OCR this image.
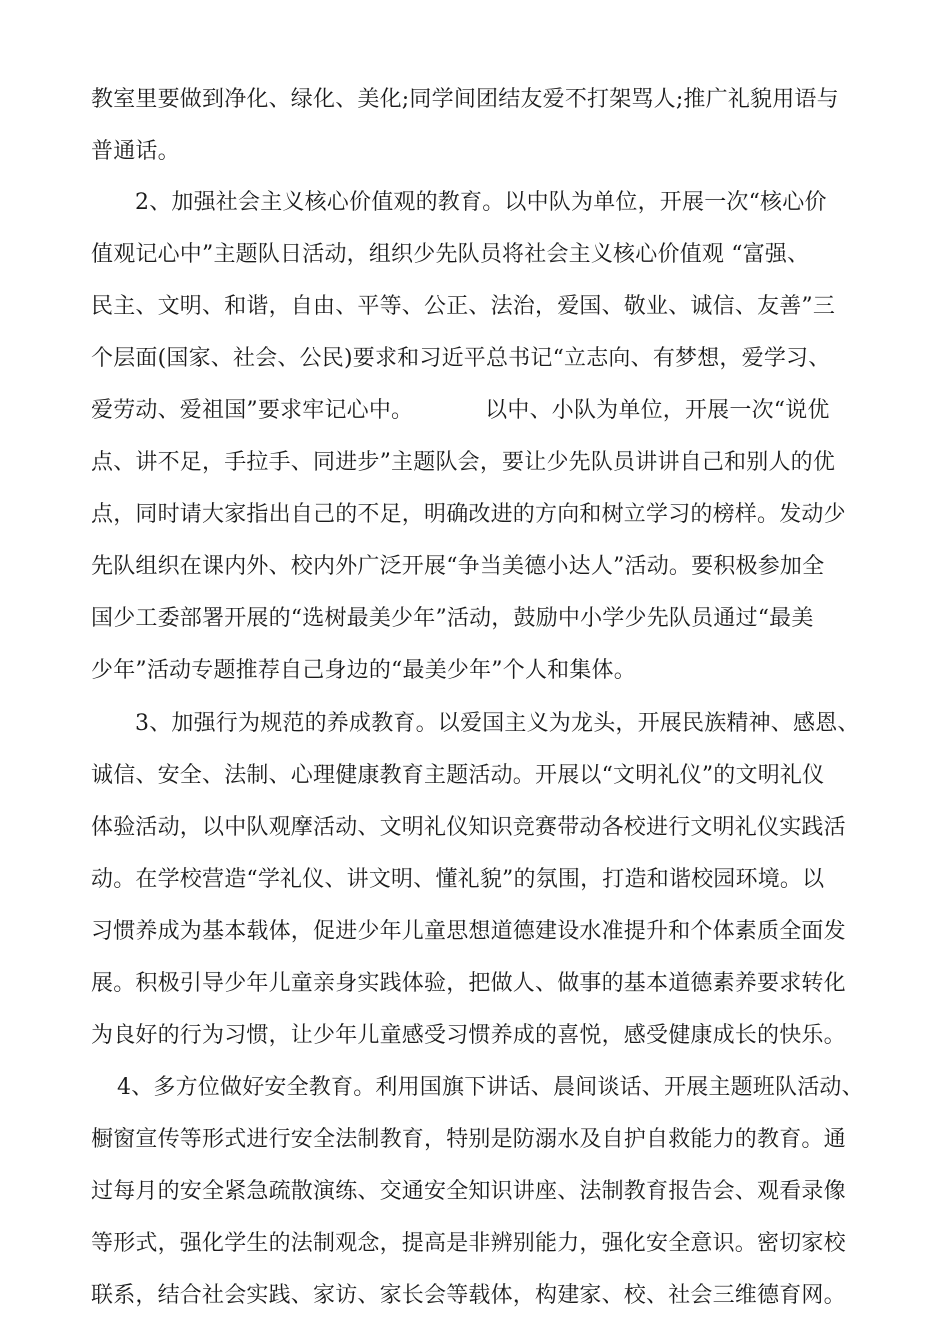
教室里要做到净化、绿化、美化;同学间团结友爱不打架骂人;推广礼貌用语与
普通话。
2、加强社会主义核心价值观的教育。以中队为单位，开展一次“核心价
值观记心中”主题队日活动，组织少先队员将社会主义核心价值观 “富强、
民主、文明、和谐，自由、平等、公正、法治，爱国、敬业、诚信、友善”三
个层面(国家、社会、公民)要求和习近平总书记“立志向、有梦想，爱学习、
爱劳动、爱祖国”要求牢记心中。          以中、小队为单位，开展一次“说优
点、讲不足，手拉手、同进步”主题队会，要让少先队员讲讲自己和别人的优
点，同时请大家指出自己的不足，明确改进的方向和树立学习的榜样。发动少
先队组织在课内外、校内外广泛开展“争当美德小达人”活动。要积极参加全
国少工委部署开展的“选树最美少年”活动，鼓励中小学少先队员通过“最美
少年”活动专题推荐自己身边的“最美少年”个人和集体。
3、加强行为规范的养成教育。以爱国主义为龙头，开展民族精神、感恩、
诚信、安全、法制、心理健康教育主题活动。开展以“文明礼仪”的文明礼仪
体验活动，以中队观摩活动、文明礼仪知识竞赛带动各校进行文明礼仪实践活
动。在学校营造“学礼仪、讲文明、懂礼貌”的氛围，打造和谐校园环境。以
习惯养成为基本载体，促进少年儿童思想道德建设水准提升和个体素质全面发
展。积极引导少年儿童亲身实践体验，把做人、做事的基本道德素养要求转化
为良好的行为习惯，让少年儿童感受习惯养成的喜悦，感受健康成长的快乐。
4、多方位做好安全教育。利用国旗下讲话、晨间谈话、开展主题班队活动、
橱窗宣传等形式进行安全法制教育，特别是防溺水及自护自救能力的教育。通
过每月的安全紧急疏散演练、交通安全知识讲座、法制教育报告会、观看录像
等形式，强化学生的法制观念，提高是非辨别能力，强化安全意识。密切家校
联系，结合社会实践、家访、家长会等载体，构建家、校、社会三维德育网。
